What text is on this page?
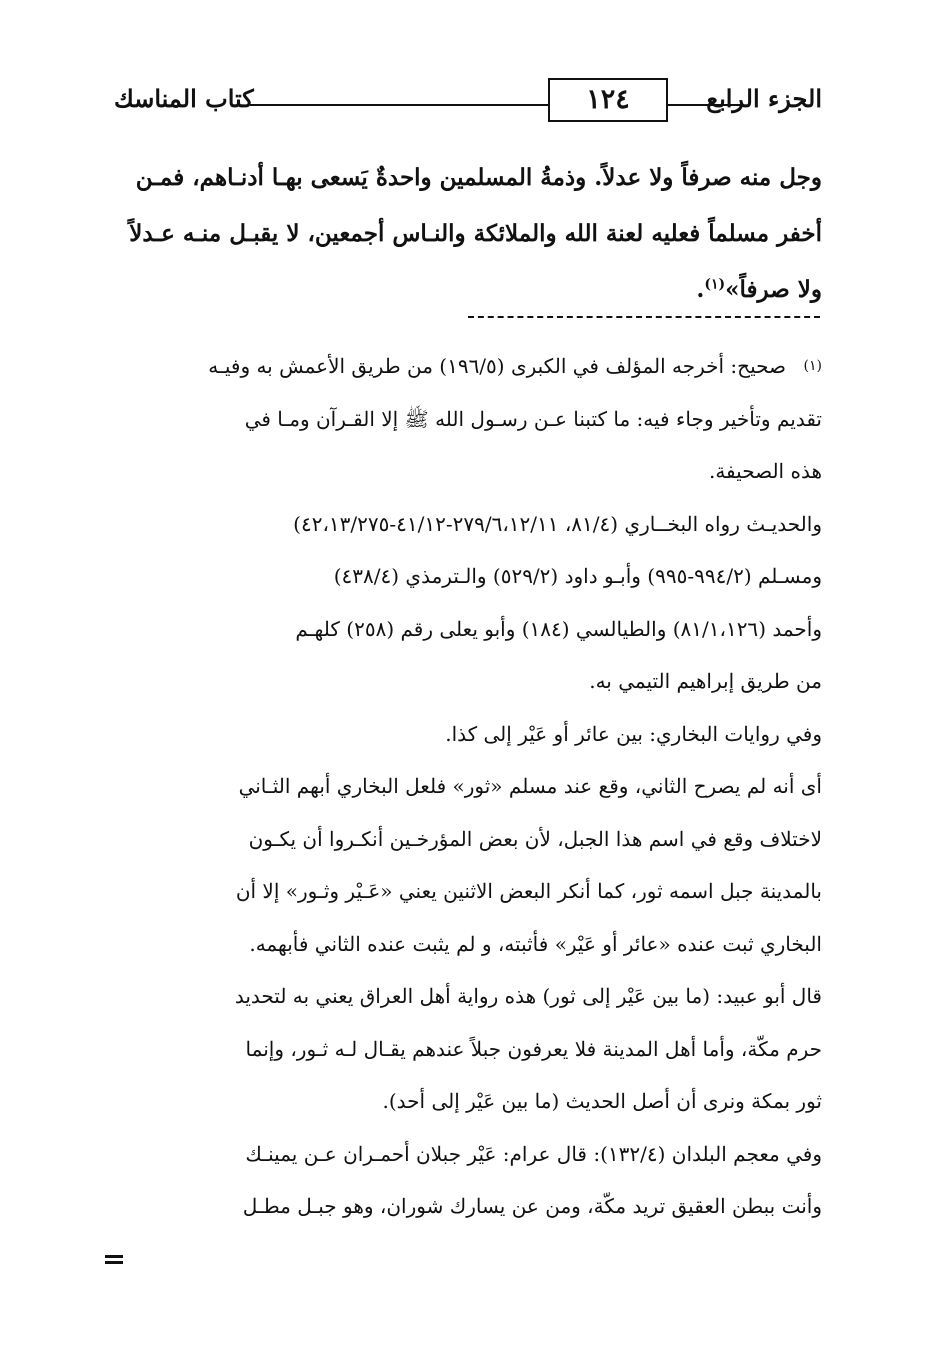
كتاب المناسك	١٢٤	الجزء الرابع

وجل منه صرفاً ولا عدلاً. وذمةُ المسلمين واحدةٌ يَسعى بهـا أدنـاهم، فمـن

أخفر مسلماً فعليه لعنة الله والملائكة والنـاس أجمعين، لا يقبـل منـه عـدلاً

ولا صرفاً»$^{(١)}$.

(١)
صحيح: أخرجه المؤلف في الكبرى (١٩٦/٥) من طريق الأعمش به وفيـه

تقديم وتأخير وجاء فيه: ما كتبنا عـن رسـول الله ﷺ إلا القـرآن ومـا في

هذه الصحيفة.

والحديـث رواه البخــاري (٨١/٤، ٢٧٩/٦،١٢/١١-٤١/١٢-٤٢،١٣/٢٧٥)

ومسـلم (٩٩٤/٢-٩٩٥) وأبـو داود (٥٢٩/٢) والـترمذي (٤٣٨/٤)

وأحمد (٨١/١،١٢٦) والطيالسي (١٨٤) وأبو يعلى رقم (٢٥٨) كلهـم

من طريق إبراهيم التيمي به.

وفي روايات البخاري: بين عائر أو عَيْر إلى كذا.

أى أنه لم يصرح الثاني، وقع عند مسلم «ثور» فلعل البخاري أبهم الثـاني

لاختلاف وقع في اسم هذا الجبل، لأن بعض المؤرخـين أنكـروا أن يكـون

بالمدينة جبل اسمه ثور، كما أنكر البعض الاثنين يعني «عَـيْر وثـور» إلا أن

البخاري ثبت عنده «عائر أو عَيْر» فأثبته، و لم يثبت عنده الثاني فأبهمه.

قال أبو عبيد: (ما بين عَيْر إلى ثور) هذه رواية أهل العراق يعني به لتحديد

حرم مكّة، وأما أهل المدينة فلا يعرفون جبلاً عندهم يقـال لـه ثـور، وإنما

ثور بمكة ونرى أن أصل الحديث (ما بين عَيْر إلى أحد).

وفي معجم البلدان (١٣٢/٤): قال عرام: عَيْر جبلان أحمـران عـن يمينـك

وأنت ببطن العقيق تريد مكّة، ومن عن يسارك شوران، وهو جبـل مطـل
